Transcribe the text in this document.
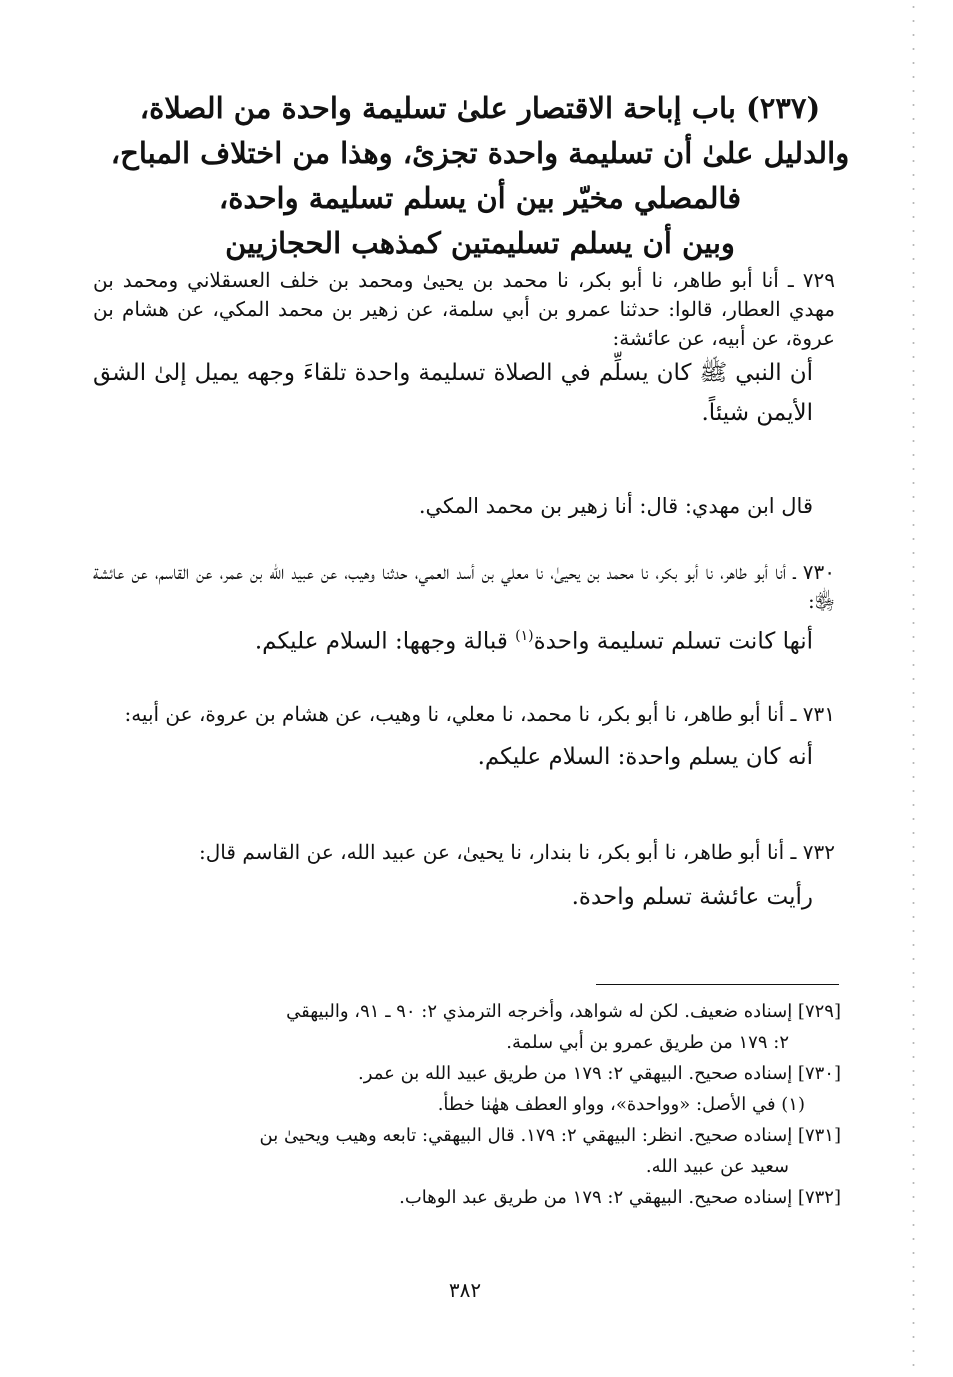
(٢٣٧) باب إباحة الاقتصار علىٰ تسليمة واحدة من الصلاة،
والدليل علىٰ أن تسليمة واحدة تجزئ، وهذا من اختلاف المباح،
فالمصلي مخيّر بين أن يسلم تسليمة واحدة،
وبين أن يسلم تسليمتين كمذهب الحجازيين
٧٢٩ ـ أنا أبو طاهر، نا أبو بكر، نا محمد بن يحيىٰ ومحمد بن خلف العسقلاني ومحمد بن مهدي العطار، قالوا: حدثنا عمرو بن أبي سلمة، عن زهير بن محمد المكي، عن هشام بن عروة، عن أبيه، عن عائشة:
أن النبي ﷺ كان يسلِّم في الصلاة تسليمة واحدة تلقاءَ وجهه يميل إلىٰ الشق الأيمن شيئاً.
قال ابن مهدي: قال: أنا زهير بن محمد المكي.
٧٣٠ ـ أنا أبو طاهر، نا أبو بكر، نا محمد بن يحيىٰ، نا معلي بن أسد العمي، حدثنا وهيب، عن عبيد الله بن عمر، عن القاسم، عن عائشة ﵂:
أنها كانت تسلم تسليمة واحدة$^{(١)}$ قبالة وجهها: السلام عليكم.
٧٣١ ـ أنا أبو طاهر، نا أبو بكر، نا محمد، نا معلي، نا وهيب، عن هشام بن عروة، عن أبيه:
أنه كان يسلم واحدة: السلام عليكم.
٧٣٢ ـ أنا أبو طاهر، نا أبو بكر، نا بندار، نا يحيىٰ، عن عبيد الله، عن القاسم قال:
رأيت عائشة تسلم واحدة.
[٧٢٩] إسناده ضعيف. لكن له شواهد، وأخرجه الترمذي ٢: ٩٠ ـ ٩١، والبيهقي
٢: ١٧٩ من طريق عمرو بن أبي سلمة.
[٧٣٠] إسناده صحيح. البيهقي ٢: ١٧٩ من طريق عبيد الله بن عمر.
(١) في الأصل: «وواحدة»، وواو العطف ههٰنا خطأ.
[٧٣١] إسناده صحيح. انظر: البيهقي ٢: ١٧٩. قال البيهقي: تابعه وهيب ويحيىٰ بن
سعيد عن عبيد الله.
[٧٣٢] إسناده صحيح. البيهقي ٢: ١٧٩ من طريق عبد الوهاب.
٣٨٢
